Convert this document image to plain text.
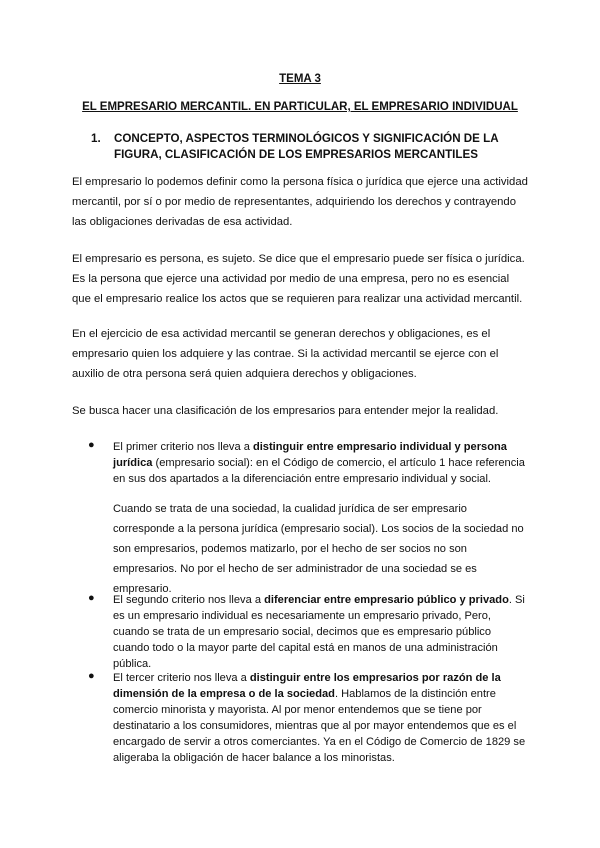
TEMA 3
EL EMPRESARIO MERCANTIL. EN PARTICULAR, EL EMPRESARIO INDIVIDUAL
1. CONCEPTO, ASPECTOS TERMINOLÓGICOS Y SIGNIFICACIÓN DE LA FIGURA, CLASIFICACIÓN DE LOS EMPRESARIOS MERCANTILES

El empresario lo podemos definir como la persona física o jurídica que ejerce una actividad mercantil, por sí o por medio de representantes, adquiriendo los derechos y contrayendo las obligaciones derivadas de esa actividad.

El empresario es persona, es sujeto. Se dice que el empresario puede ser física o jurídica. Es la persona que ejerce una actividad por medio de una empresa, pero no es esencial que el empresario realice los actos que se requieren para realizar una actividad mercantil.

En el ejercicio de esa actividad mercantil se generan derechos y obligaciones, es el empresario quien los adquiere y las contrae. Si la actividad mercantil se ejerce con el auxilio de otra persona será quien adquiera derechos y obligaciones.

Se busca hacer una clasificación de los empresarios para entender mejor la realidad.

● El primer criterio nos lleva a distinguir entre empresario individual y persona jurídica (empresario social): en el Código de comercio, el artículo 1 hace referencia en sus dos apartados a la diferenciación entre empresario individual y social.

Cuando se trata de una sociedad, la cualidad jurídica de ser empresario corresponde a la persona jurídica (empresario social). Los socios de la sociedad no son empresarios, podemos matizarlo, por el hecho de ser socios no son empresarios. No por el hecho de ser administrador de una sociedad se es empresario.

● El segundo criterio nos lleva a diferenciar entre empresario público y privado. Si es un empresario individual es necesariamente un empresario privado, Pero, cuando se trata de un empresario social, decimos que es empresario público cuando todo o la mayor parte del capital está en manos de una administración pública.
● El tercer criterio nos lleva a distinguir entre los empresarios por razón de la dimensión de la empresa o de la sociedad. Hablamos de la distinción entre comercio minorista y mayorista. Al por menor entendemos que se tiene por destinatario a los consumidores, mientras que al por mayor entendemos que es el encargado de servir a otros comerciantes. Ya en el Código de Comercio de 1829 se aligeraba la obligación de hacer balance a los minoristas.
